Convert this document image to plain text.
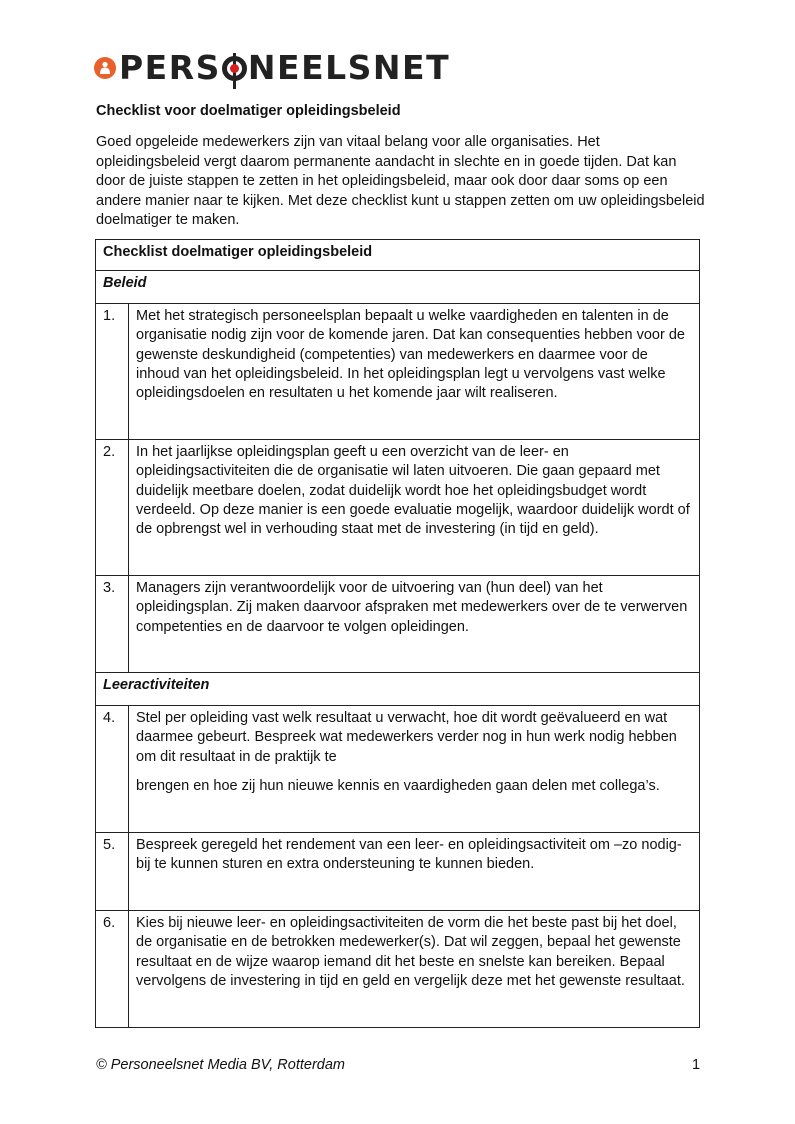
PERS NEELSNET
Checklist voor doelmatiger opleidingsbeleid
Goed opgeleide medewerkers zijn van vitaal belang voor alle organisaties. Het opleidingsbeleid vergt daarom permanente aandacht in slechte en in goede tijden. Dat kan door de juiste stappen te zetten in het opleidingsbeleid, maar ook door daar soms op een andere manier naar te kijken. Met deze checklist kunt u stappen zetten om uw opleidingsbeleid doelmatiger te maken.
Checklist doelmatiger opleidingsbeleid	
Beleid	
1.	Met het strategisch personeelsplan bepaalt u welke vaardigheden en talenten in de organisatie nodig zijn voor de komende jaren. Dat kan consequenties hebben voor de gewenste deskundigheid (competenties) van medewerkers en daarmee voor de inhoud van het opleidingsbeleid. In het opleidingsplan legt u vervolgens vast welke opleidingsdoelen en resultaten u het komende jaar wilt realiseren.

2.	In het jaarlijkse opleidingsplan geeft u een overzicht van de leer- en opleidingsactiviteiten die de organisatie wil laten uitvoeren. Die gaan gepaard met duidelijk meetbare doelen, zodat duidelijk wordt hoe het opleidingsbudget wordt verdeeld. Op deze manier is een goede evaluatie mogelijk, waardoor duidelijk wordt of de opbrengst wel in verhouding staat met de investering (in tijd en geld).

3.	Managers zijn verantwoordelijk voor de uitvoering van (hun deel) van het opleidingsplan. Zij maken daarvoor afspraken met medewerkers over de te verwerven competenties en de daarvoor te volgen opleidingen.

Leeractiviteiten	
4.	Stel per opleiding vast welk resultaat u verwacht, hoe dit wordt geëvalueerd en wat daarmee gebeurt. Bespreek wat medewerkers verder nog in hun werk nodig hebben om dit resultaat in de praktijk te

brengen en hoe zij hun nieuwe kennis en vaardigheden gaan delen met collega’s.

5.	Bespreek geregeld het rendement van een leer- en opleidingsactiviteit om –zo nodig- bij te kunnen sturen en extra ondersteuning te kunnen bieden.

6.	Kies bij nieuwe leer- en opleidingsactiviteiten de vorm die het beste past bij het doel, de organisatie en de betrokken medewerker(s). Dat wil zeggen, bepaal het gewenste resultaat en de wijze waarop iemand dit het beste en snelste kan bereiken. Bepaal vervolgens de investering in tijd en geld en vergelijk deze met het gewenste resultaat.

© Personeelsnet Media BV, Rotterdam	1
